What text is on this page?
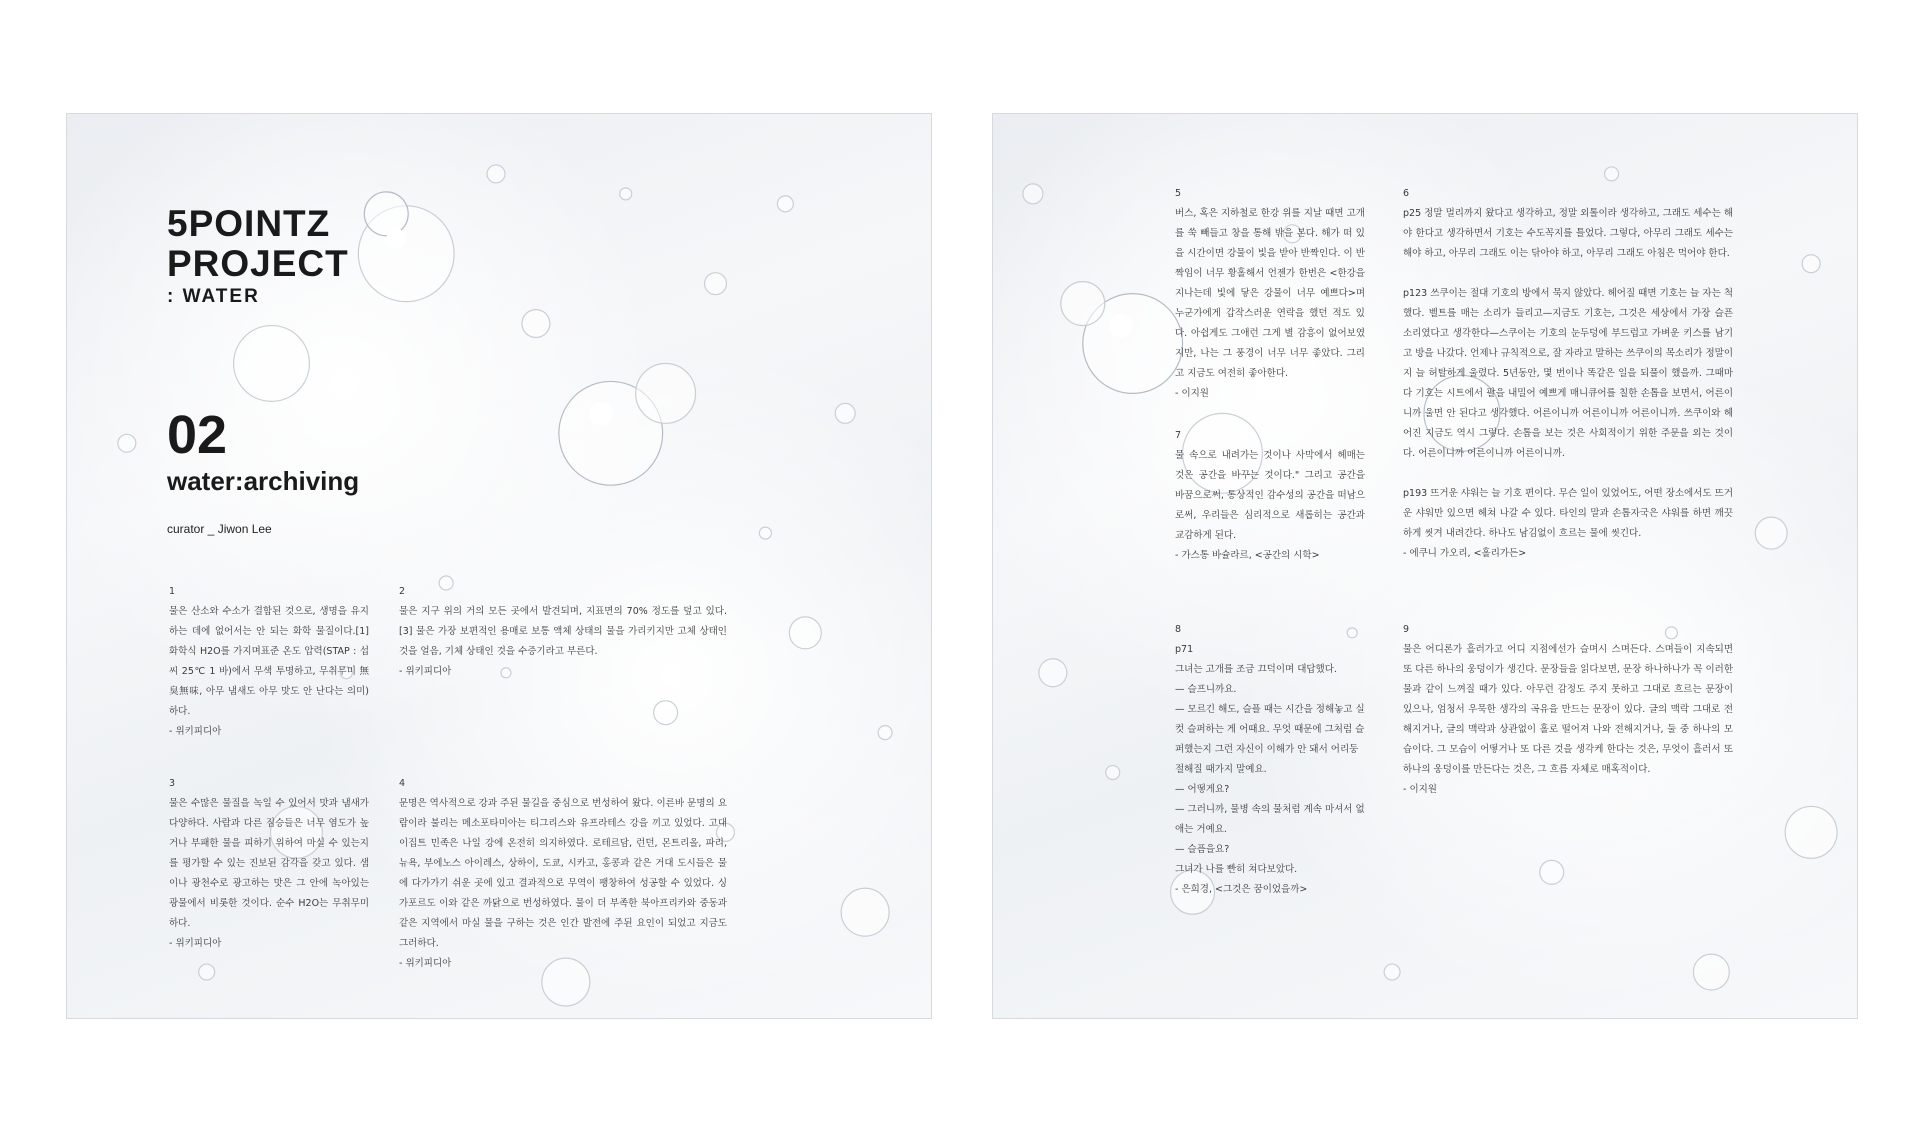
5POINTZ
PROJECT
: WATER
02
water:archiving
curator _ Jiwon Lee
1

물은 산소와 수소가 결합된 것으로, 생명을 유지하는 데에 없어서는 안 되는 화학 물질이다.[1] 화학식 H2O를 가지며표준 온도 압력(STAP : 섭씨 25℃ 1 바)에서 무색 투명하고, 무취무미 無臭無味, 아무 냄새도 아무 맛도 안 난다는 의미)하다.

- 위키피디아
2

물은 지구 위의 거의 모든 곳에서 발견되며, 지표면의 70% 정도를 덮고 있다.[3] 물은 가장 보편적인 용매로 보통 액체 상태의 물을 가리키지만 고체 상태인 것을 얼음, 기체 상태인 것을 수증기라고 부른다.

- 위키피디아
3

물은 수많은 물질을 녹일 수 있어서 맛과 냄새가 다양하다. 사람과 다른 짐승들은 너무 염도가 높거나 부패한 물을 피하기 위하여 마실 수 있는지를 평가할 수 있는 진보된 감각을 갖고 있다. 샘이나 광천수로 광고하는 맛은 그 안에 녹아있는 광물에서 비롯한 것이다. 순수 H2O는 무취무미하다.

- 위키피디아
4

문명은 역사적으로 강과 주된 물길을 중심으로 번성하여 왔다. 이른바 문명의 요람이라 불리는 메소포타미아는 티그리스와 유프라테스 강을 끼고 있었다. 고대 이집트 민족은 나일 강에 온전히 의지하였다. 로테르담, 런던, 몬트리올, 파리, 뉴욕, 부에노스 아이레스, 상하이, 도쿄, 시카고, 홍콩과 같은 거대 도시들은 물에 다가가기 쉬운 곳에 있고 결과적으로 무역이 팽창하여 성공할 수 있었다. 싱가포르도 이와 같은 까닭으로 번성하였다. 물이 더 부족한 북아프리카와 중동과 같은 지역에서 마실 물을 구하는 것은 인간 발전에 주된 요인이 되었고 지금도 그러하다.

- 위키피디아
5

버스, 혹은 지하철로 한강 위를 지날 때면 고개를 쑥 빼들고 창을 통해 밖을 본다. 해가 떠 있을 시간이면 강물이 빛을 받아 반짝인다. 이 반짝임이 너무 황홀해서 언젠가 한번은 <한강을 지나는데 빛에 닿은 강물이 너무 예쁘다>며 누군가에게 갑작스러운 연락을 했던 적도 있다. 아쉽게도 그애런 그게 별 감흥이 없어보였지만, 나는 그 풍경이 너무 너무 좋았다. 그리고 지금도 여전히 좋아한다.

- 이지원
6

p25 정말 멀리까지 왔다고 생각하고, 정말 외톨이라 생각하고, 그래도 세수는 해야 한다고 생각하면서 기호는 수도꼭지를 틀었다. 그렇다, 아무리 그래도 세수는 해야 하고, 아무리 그래도 이는 닦아야 하고, 아무리 그래도 아침은 먹어야 한다.

p123 쓰쿠이는 절대 기호의 방에서 묵지 않았다. 헤어질 때면 기호는 늘 자는 척했다. 벨트를 매는 소리가 들리고—지금도 기호는, 그것은 세상에서 가장 슬픈 소리였다고 생각한다—스쿠이는 기호의 눈두덩에 부드럽고 가벼운 키스를 남기고 방을 나갔다. 언제나 규칙적으로, 잘 자라고 말하는 쓰쿠이의 목소리가 정말이지 늘 허탈하게 울렸다. 5년동안, 몇 번이나 똑같은 일을 되풀이 했을까. 그때마다 기호는 시트에서 팔을 내밀어 예쁘게 매니큐어를 칠한 손톱을 보면서, 어른이니까 울면 안 된다고 생각했다. 어른이니까 어른이니까 어른이니까. 쓰쿠이와 헤어진 지금도 역시 그렇다. 손톱을 보는 것은 사회적이기 위한 주문을 외는 것이다. 어른이니까 어른이니까 어른이니까.

p193 뜨거운 샤워는 늘 기호 편이다. 무슨 일이 있었어도, 어떤 장소에서도 뜨거운 샤워만 있으면 헤쳐 나갈 수 있다. 타인의 말과 손톱자국은 샤워를 하면 깨끗하게 씻겨 내려간다. 하나도 남김없이 흐르는 물에 씻긴다.

- 에쿠니 가오리, <홀리가든>
7

물 속으로 내려가는 것이나 사막에서 헤매는 것은 공간을 바꾸는 것이다." 그리고 공간을 바꿈으로써, 통상적인 감수성의 공간을 떠남으로써, 우리들은 심리적으로 새롭히는 공간과 교감하게 된다.

- 가스통 바슐라르, <공간의 시학>
8
p71
그녀는 고개를 조금 끄덕이며 대답했다.
— 슬프니까요.
— 모르긴 해도, 슬플 때는 시간을 정해놓고 실컷 슬퍼하는 게 어때요. 무엇 때문에 그처럼 슬퍼했는지 그런 자신이 이해가 안 돼서 어리둥절해질 때가지 말예요.
— 어떻게요?
— 그러니까, 물병 속의 물처럼 계속 마셔서 없애는 거예요.
— 슬픔을요?
그녀가 나를 빤히 쳐다보았다.
- 은희경, <그것은 꿈이었을까>
9

물은 어디론가 흘러가고 어디 지점에선가 슬며시 스며든다. 스며들이 지속되면 또 다른 하나의 웅덩이가 생긴다. 문장들을 읽다보면, 문장 하나하나가 꼭 이러한 물과 같이 느껴질 때가 있다. 아무런 감정도 주지 못하고 그대로 흐르는 문장이 있으나, 엄청서 우묵한 생각의 곡유을 만드는 문장이 있다. 글의 맥락 그대로 전해지거나, 글의 맥락과 상관없이 홀로 떨어져 나와 전해지거나, 둘 중 하나의 모습이다. 그 모습이 어떻거나 또 다른 것을 생각케 한다는 것은, 무엇이 흘러서 또 하나의 웅덩이를 만든다는 것은, 그 흐름 자체로 매혹적이다.

- 이지원
